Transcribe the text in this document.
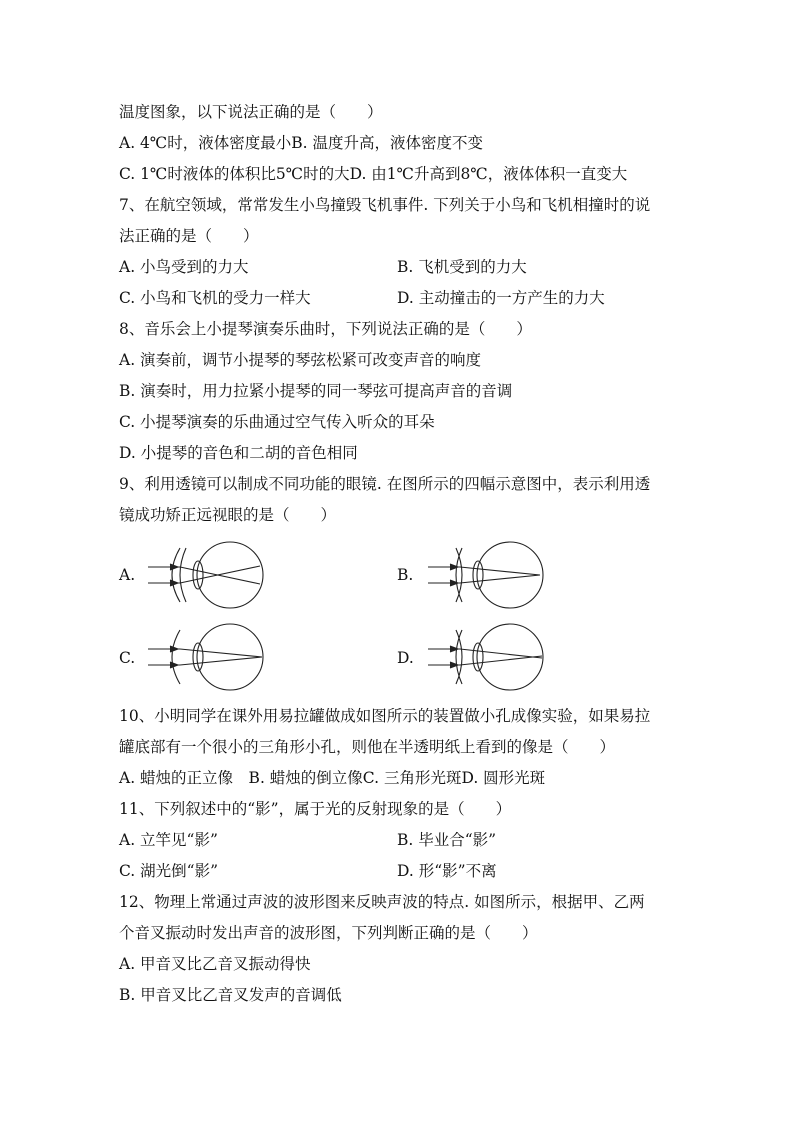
温度图象，以下说法正确的是（　　）
A. 4℃时，液体密度最小B. 温度升高，液体密度不变
C. 1℃时液体的体积比5℃时的大D. 由1℃升高到8℃，液体体积一直变大
7、在航空领域，常常发生小鸟撞毁飞机事件. 下列关于小鸟和飞机相撞时的说
法正确的是（　　）
A. 小鸟受到的力大	B. 飞机受到的力大
C. 小鸟和飞机的受力一样大	D. 主动撞击的一方产生的力大
8、音乐会上小提琴演奏乐曲时，下列说法正确的是（　　）
A. 演奏前，调节小提琴的琴弦松紧可改变声音的响度
B. 演奏时，用力拉紧小提琴的同一琴弦可提高声音的音调
C. 小提琴演奏的乐曲通过空气传入听众的耳朵
D. 小提琴的音色和二胡的音色相同
9、利用透镜可以制成不同功能的眼镜. 在图所示的四幅示意图中，表示利用透
镜成功矫正远视眼的是（　　）
A.	B.
C.	D.
10、小明同学在课外用易拉罐做成如图所示的装置做小孔成像实验，如果易拉
罐底部有一个很小的三角形小孔，则他在半透明纸上看到的像是（　　）
A. 蜡烛的正立像　B. 蜡烛的倒立像C. 三角形光斑D. 圆形光斑
11、下列叙述中的“影”，属于光的反射现象的是（　　）
A. 立竿见“影”	B. 毕业合“影”
C. 湖光倒“影”	D. 形“影”不离
12、物理上常通过声波的波形图来反映声波的特点. 如图所示，根据甲、乙两
个音叉振动时发出声音的波形图，下列判断正确的是（　　）
A. 甲音叉比乙音叉振动得快
B. 甲音叉比乙音叉发声的音调低
